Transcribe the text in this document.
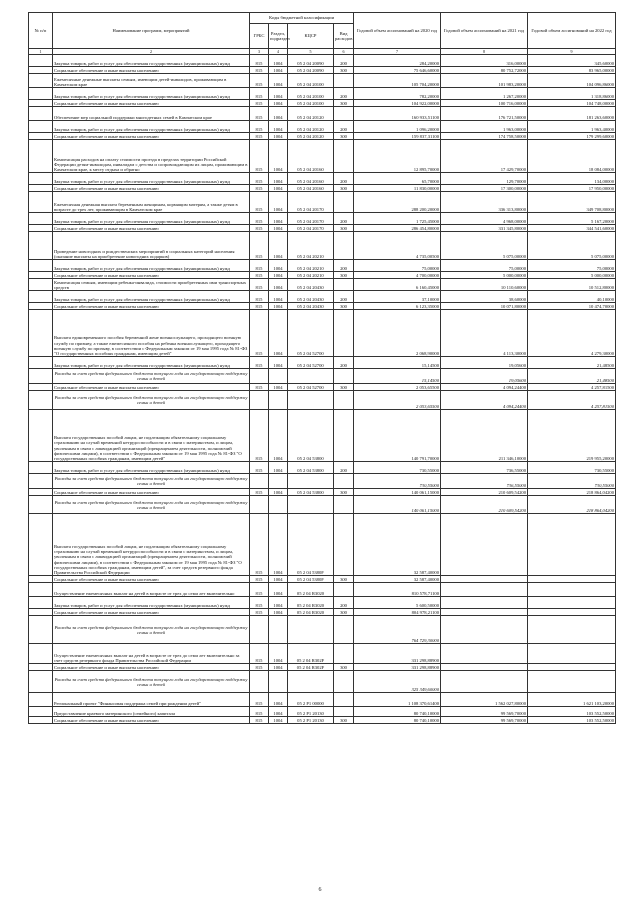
№ п/п	Наименование программ, мероприятий	Коды бюджетной классификации				Годовой объем ассигнований на 2020 год	Годовой объем ассигнований на 2021 год	Годовой объем ассигнований на 2022 год
		ГРБС	Раздел, подраздел	КЦСР	Вид расходов			
1	2	3	4	5	6	7	8	9
	Закупка товаров, работ и услуг для обеспечения государственных (муниципальных) нужд	815	1004	05 2 04 20090	200	284,20000	316,00000	345,60000
	Социальное обеспечение и иные выплаты населению	815	1004	05 2 04 20090	300	75 646,60000	80 752,72000	83 965,00000
	Ежемесячные денежные выплаты семьям, имеющим детей-инвалидов, проживающим в Камчатском крае	815	1004	05 2 04 20100		105 704,20000	101 983,20000	104 096,86000
	Закупка товаров, работ и услуг для обеспечения государственных (муниципальных) нужд	815	1004	05 2 04 20100	200	782,20000	1 267,20000	1 318,86000
	Социальное обеспечение и иные выплаты населению	815	1004	05 2 04 20100	300	104 922,00000	100 716,00000	104 748,00000
	Обеспечение мер социальной поддержки многодетных семей в Камчатском крае	815	1004	05 2 04 20120		160 933,51100	176 721,50000	181 263,60000
	Закупка товаров, работ и услуг для обеспечения государственных (муниципальных) нужд	815	1004	05 2 04 20120	200	1 096,20000	1 963,00000	1 963,40000
	Социальное обеспечение и иные выплаты населению	815	1004	05 2 04 20120	300	159 837,31100	174 758,50000	179 299,60000
	Компенсация расходов на оплату стоимости проезда в пределах территории Российской Федерации детям-инвалидам, инвалидам с детства и сопровождающим их лицам, проживающим в Камчатском крае, к месту отдыха и обратно	815	1004	05 2 04 20160		12 895,70000	17 429,70000	18 084,00000
	Закупка товаров, работ и услуг для обеспечения государственных (муниципальных) нужд	815	1004	05 2 04 20160	200	65,70000	129,70000	134,00000
	Социальное обеспечение и иные выплаты населению	815	1004	05 2 04 20160	300	11 830,00000	17 300,00000	17 950,00000
	Ежемесячная денежная выплата беременным женщинам, кормящим матерям, а также детям в возрасте до трех лет, проживающим в Камчатском крае	815	1004	05 2 04 20170		288 200,20000	336 313,80000	349 708,80000
	Закупка товаров, работ и услуг для обеспечения государственных (муниципальных) нужд	815	1004	05 2 04 20170	200	1 725,45000	4 968,00000	5 167,20000
	Социальное обеспечение и иные выплаты населению	815	1004	05 2 04 20170	300	286 454,80000	331 345,80000	344 541,60000
	Проведение новогодних и рождественских мероприятий в социальных категорий населения (оказание выплаты на приобретение новогодних подарков)	815	1004	05 2 04 20210		4 735,00500	5 075,00000	5 075,00000
	Закупка товаров, работ и услуг для обеспечения государственных (муниципальных) нужд	815	1004	05 2 04 20210	200	75,00000	75,00000	75,00000
	Социальное обеспечение и иные выплаты населению	815	1004	05 2 04 20210	300	4 700,00000	5 000,00000	5 000,00000
	Компенсация семьям, имеющим ребенка-инвалида, стоимости приобретенных ими транспортных средств	815	1004	05 2 04 20430		6 160,45000	10 110,60000	10 512,80000
	Закупка товаров, работ и услуг для обеспечения государственных (муниципальных) нужд	815	1004	05 2 04 20430	200	37,10000	38,60000	40,10000
	Социальное обеспечение и иные выплаты населению	815	1004	05 2 04 20430	300	6 123,35000	10 071,80000	10 474,70000
	Выплата единовременного пособия беременной жене военнослужащего, проходящего военную службу по призыву, а также ежемесячного пособия на ребенка военнослужащего, проходящего военную службу по призыву, в соответствии с Федеральным законом от 19 мая 1995 года № 81-ФЗ "О государственных пособиях гражданам, имеющим детей"	815	1004	05 2 04 52700		2 068,90000	4 113,30000	4 279,30000
	Закупка товаров, работ и услуг для обеспечения государственных (муниципальных) нужд	815	1004	05 2 04 52700	200	15,14500	19,05600	21,48500
	Расходы за счет средств федерального бюджета текущего года на государственную поддержку семьи и детей					15,14500	19,05600	21,48500
	Социальное обеспечение и иные выплаты населению	815	1004	05 2 04 52700	300	2 053,65500	4 094,24400	4 257,81500
	Расходы за счет средств федерального бюджета текущего года на государственную поддержку семьи и детей					2 053,65500	4 094,24400	4 257,81500
	Выплата государственных пособий лицам, не подлежащим обязательному социальному страхованию на случай временной нетрудоспособности и в связи с материнством, и лицам, уволенным в связи с ликвидацией организаций (прекращением деятельности, полномочий физическими лицами), в соответствии с Федеральным законом от 19 мая 1995 года № 81-ФЗ "О государственных пособиях гражданам, имеющим детей"	815	1004	05 2 04 53800		140 791,70000	211 346,10000	219 955,20000
	Закупка товаров, работ и услуг для обеспечения государственных (муниципальных) нужд	815	1004	05 2 04 53800	200	730,55000	736,55000	730,55000
	Расходы за счет средств федерального бюджета текущего года на государственную поддержку семьи и детей					730,55000	736,55000	730,55000
	Социальное обеспечение и иные выплаты населению	815	1004	05 2 04 53800	300	140 061,15000	210 609,54200	218 864,04200
	Расходы за счет средств федерального бюджета текущего года на государственную поддержку семьи и детей					140 061,15000	210 609,54200	218 864,04200
	Выплата государственных пособий лицам, не подлежащим обязательному социальному страхованию на случай временной нетрудоспособности и в связи с материнством, и лицам, уволенным в связи с ликвидацией организаций (прекращением деятельности, полномочий физическими лицами), в соответствии с Федеральным законом от 19 мая 1995 года № 81-ФЗ "О государственных пособиях гражданам, имеющим детей", за счет средств резервного фонда Правительства Российской Федерации	815	1004	05 2 04 5380F		32 587,40000		
	Социальное обеспечение и иные выплаты населению	815	1004	05 2 04 5380F	300	32 587,40000		
	Осуществление ежемесячных выплат на детей в возрасте от трех до семи лет включительно	815	1004	05 2 04 R3020		810 578,71100		
	Закупка товаров, работ и услуг для обеспечения государственных (муниципальных) нужд	815	1004	05 2 04 R3020	200	5 600,50000		
	Социальное обеспечение и иные выплаты населению	815	1004	05 2 04 R3020	300	804 978,21100		
	Расходы за счет средств федерального бюджета текущего года на государственную поддержку семьи и детей					764 729,30000		
	Осуществление ежемесячных выплат на детей в возрасте от трех до семи лет включительно за счет средств резервного фонда Правительства Российской Федерации	815	1004	05 2 04 R302F		331 298,88900		
	Социальное обеспечение и иные выплаты населению	815	1004	05 2 04 R302F	300	331 298,88900		
	Расходы за счет средств федерального бюджета текущего года на государственную поддержку семьи и детей					325 349,60000		
	Региональный проект "Финансовая поддержка семей при рождении детей"	815	1004	05 2 P1 00000		1 108 370,61400	1 562 027,80000	1 621 103,20000
	Предоставление краевого материнского (семейного) капитала	815	1004	05 2 P1 20130		80 740,10000	99 569,70000	103 552,50000
	Социальное обеспечение и иные выплаты населению	815	1004	05 2 P1 20130	300	80 740,10000	99 569,70000	103 552,50000
6
